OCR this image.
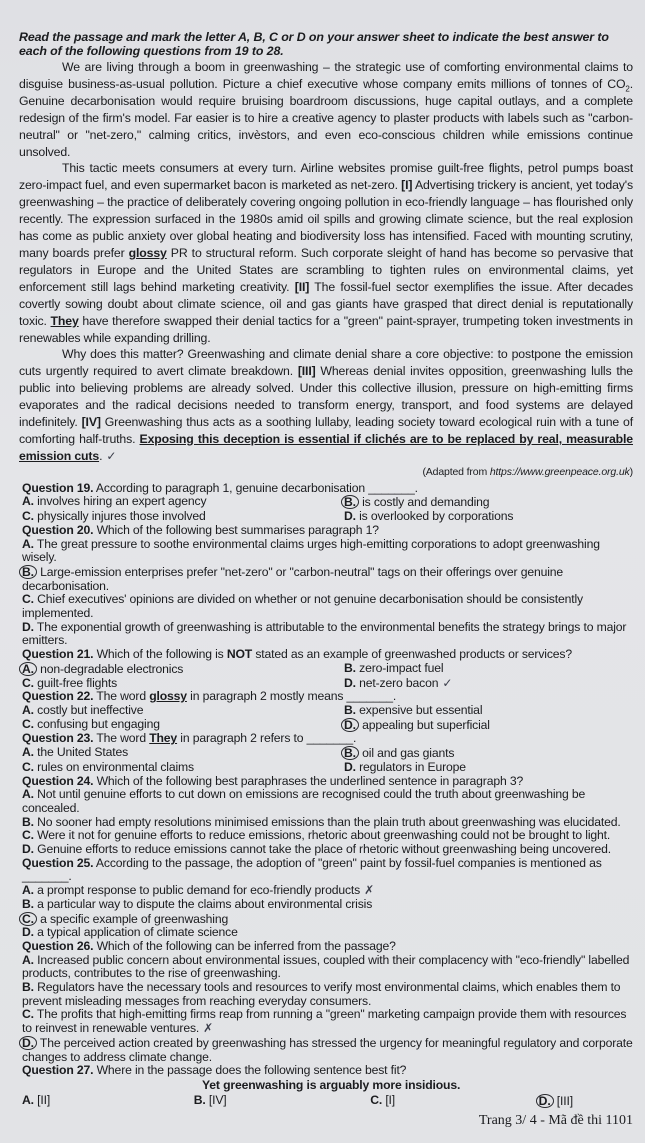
Read the passage and mark the letter A, B, C or D on your answer sheet to indicate the best answer to each of the following questions from 19 to 28.

We are living through a boom in greenwashing – the strategic use of comforting environmental claims to disguise business-as-usual pollution. Picture a chief executive whose company emits millions of tonnes of $CO_2$. Genuine decarbonisation would require bruising boardroom discussions, huge capital outlays, and a complete redesign of the firm's model. Far easier is to hire a creative agency to plaster products with labels such as "carbon-neutral" or "net-zero," calming critics, invèstors, and even eco-conscious children while emissions continue unsolved.

This tactic meets consumers at every turn. Airline websites promise guilt-free flights, petrol pumps boast zero-impact fuel, and even supermarket bacon is marketed as net-zero. [I] Advertising trickery is ancient, yet today's greenwashing – the practice of deliberately covering ongoing pollution in eco-friendly language – has flourished only recently. The expression surfaced in the 1980s amid oil spills and growing climate science, but the real explosion has come as public anxiety over global heating and biodiversity loss has intensified. Faced with mounting scrutiny, many boards prefer glossy PR to structural reform. Such corporate sleight of hand has become so pervasive that regulators in Europe and the United States are scrambling to tighten rules on environmental claims, yet enforcement still lags behind marketing creativity. [II] The fossil-fuel sector exemplifies the issue. After decades covertly sowing doubt about climate science, oil and gas giants have grasped that direct denial is reputationally toxic. They have therefore swapped their denial tactics for a "green" paint-sprayer, trumpeting token investments in renewables while expanding drilling.

Why does this matter? Greenwashing and climate denial share a core objective: to postpone the emission cuts urgently required to avert climate breakdown. [III] Whereas denial invites opposition, greenwashing lulls the public into believing problems are already solved. Under this collective illusion, pressure on high-emitting firms evaporates and the radical decisions needed to transform energy, transport, and food systems are delayed indefinitely. [IV] Greenwashing thus acts as a soothing lullaby, leading society toward ecological ruin with a tune of comforting half-truths. Exposing this deception is essential if clichés are to be replaced by real, measurable emission cuts. ✓

(Adapted from https://www.greenpeace.org.uk)
Question 19. According to paragraph 1, genuine decarbonisation _______.
A. involves hiring an expert agency	B. is costly and demanding
C. physically injures those involved	D. is overlooked by corporations
Question 20. Which of the following best summarises paragraph 1?
A. The great pressure to soothe environmental claims urges high-emitting corporations to adopt greenwashing wisely.
B. Large-emission enterprises prefer "net-zero" or "carbon-neutral" tags on their offerings over genuine decarbonisation.
C. Chief executives' opinions are divided on whether or not genuine decarbonisation should be consistently implemented.
D. The exponential growth of greenwashing is attributable to the environmental benefits the strategy brings to major emitters.
Question 21. Which of the following is NOT stated as an example of greenwashed products or services?
A. non-degradable electronics	B. zero-impact fuel
C. guilt-free flights	D. net-zero bacon ✓
Question 22. The word glossy in paragraph 2 mostly means _______.
A. costly but ineffective	B. expensive but essential
C. confusing but engaging	D. appealing but superficial
Question 23. The word They in paragraph 2 refers to _______.
A. the United States	B. oil and gas giants
C. rules on environmental claims	D. regulators in Europe
Question 24. Which of the following best paraphrases the underlined sentence in paragraph 3?
A. Not until genuine efforts to cut down on emissions are recognised could the truth about greenwashing be concealed.
B. No sooner had empty resolutions minimised emissions than the plain truth about greenwashing was elucidated.
C. Were it not for genuine efforts to reduce emissions, rhetoric about greenwashing could not be brought to light.
D. Genuine efforts to reduce emissions cannot take the place of rhetoric without greenwashing being uncovered.
Question 25. According to the passage, the adoption of "green" paint by fossil-fuel companies is mentioned as _______.
A. a prompt response to public demand for eco-friendly products ✗
B. a particular way to dispute the claims about environmental crisis
C. a specific example of greenwashing
D. a typical application of climate science
Question 26. Which of the following can be inferred from the passage?
A. Increased public concern about environmental issues, coupled with their complacency with "eco-friendly" labelled products, contributes to the rise of greenwashing.
B. Regulators have the necessary tools and resources to verify most environmental claims, which enables them to prevent misleading messages from reaching everyday consumers.
C. The profits that high-emitting firms reap from running a "green" marketing campaign provide them with resources to reinvest in renewable ventures. ✗
D. The perceived action created by greenwashing has stressed the urgency for meaningful regulatory and corporate changes to address climate change.
Question 27. Where in the passage does the following sentence best fit?
Yet greenwashing is arguably more insidious.
A. [II]	B. [IV]	C. [I]	D. [III]
Trang 3/ 4 - Mã đề thi 1101
